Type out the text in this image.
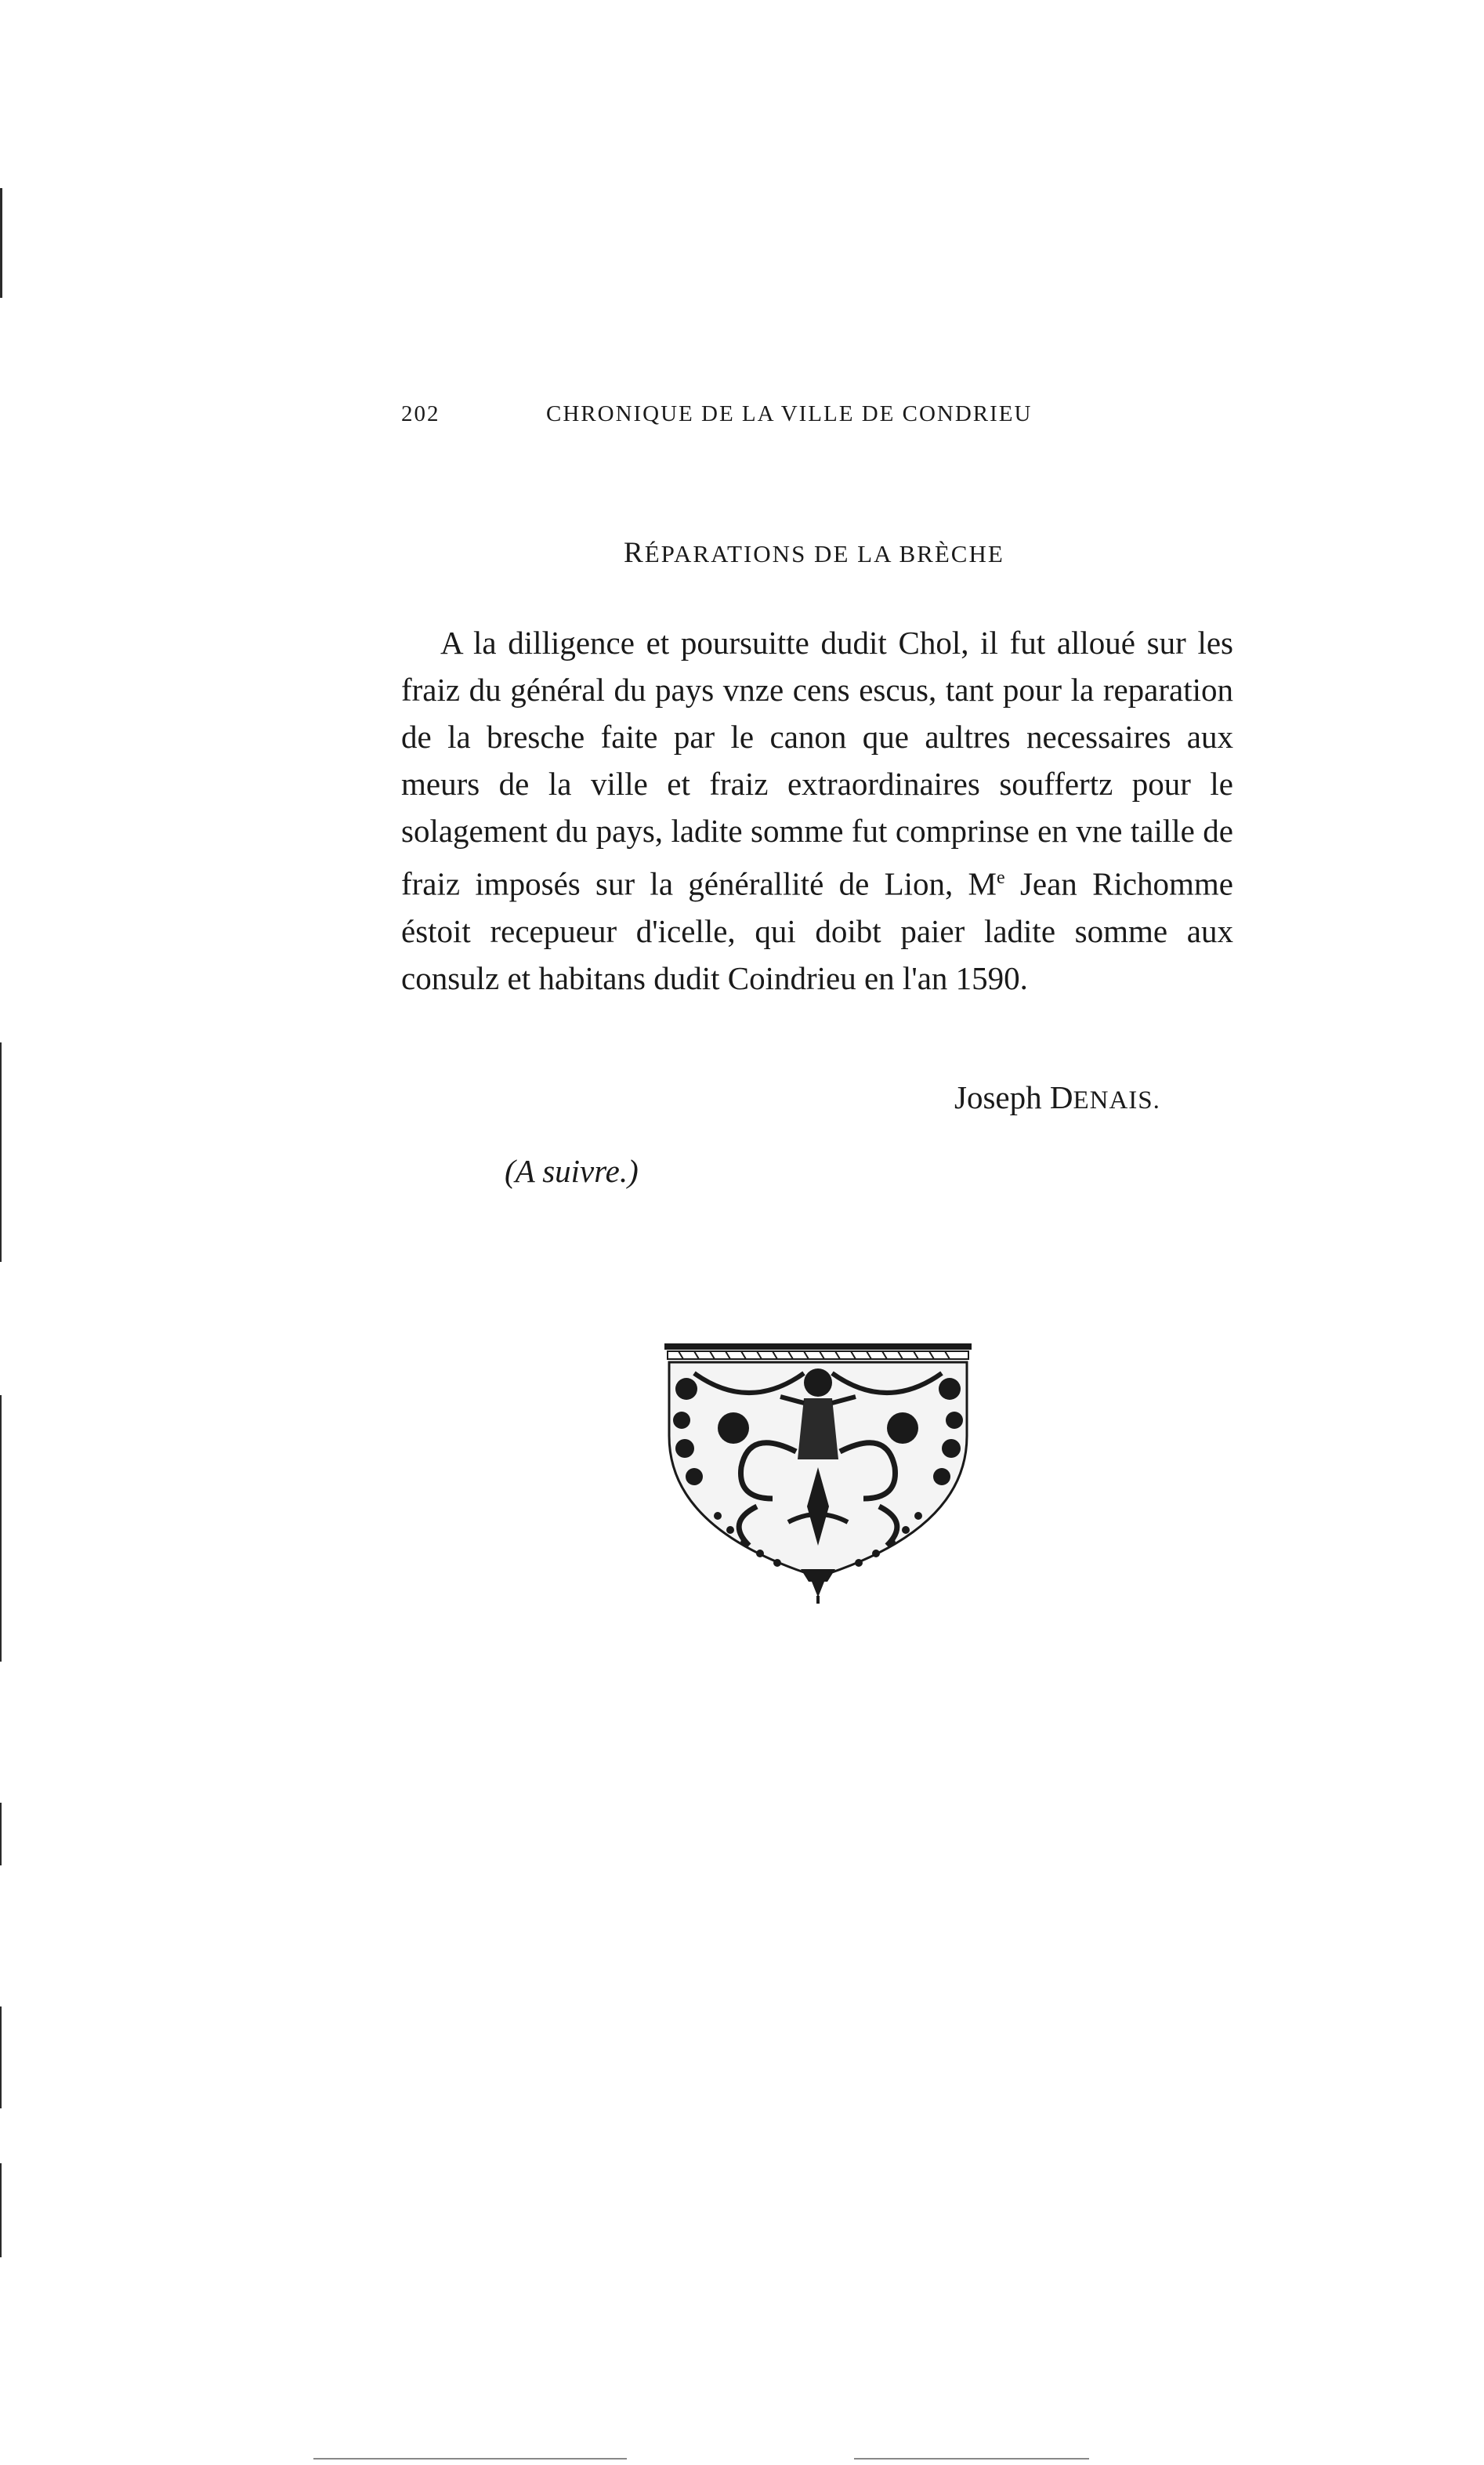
202	CHRONIQUE DE LA VILLE DE CONDRIEU
RÉPARATIONS DE LA BRÈCHE

A la dilligence et poursuitte dudit Chol, il fut alloué sur les fraiz du général du pays vnze cens escus, tant pour la reparation de la bresche faite par le canon que aultres necessaires aux meurs de la ville et fraiz extraordinaires souffertz pour le solagement du pays, ladite somme fut comprinse en vne taille de fraiz imposés sur la générallité de Lion, Me Jean Richomme éstoit recepueur d'icelle, qui doibt paier ladite somme aux consulz et habitans dudit Coindrieu en l'an 1590.

Joseph DENAIS.
(A suivre.)
